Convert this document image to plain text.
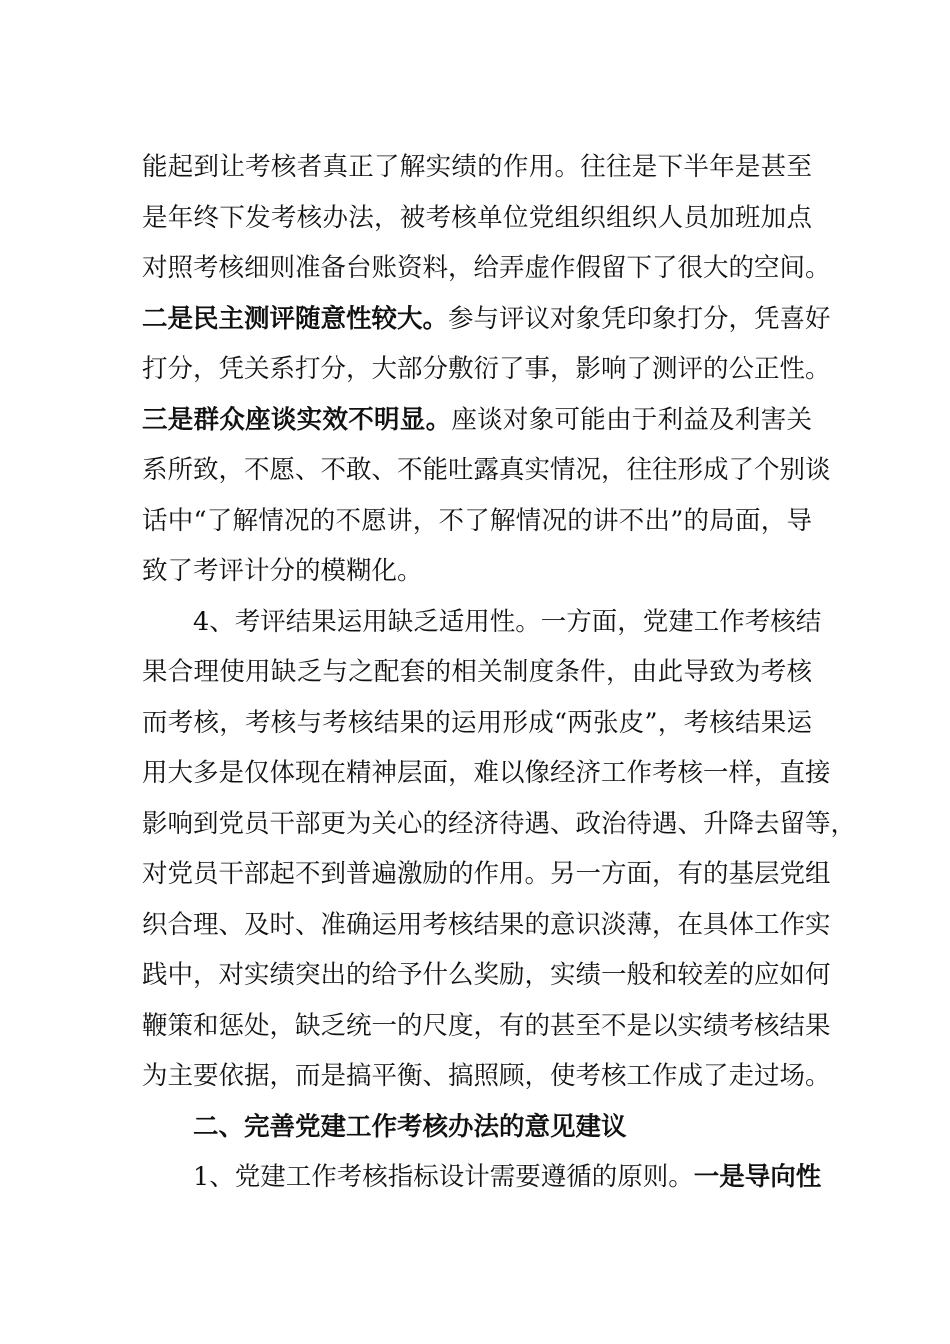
能起到让考核者真正了解实绩的作用。往往是下半年是甚至
是年终下发考核办法，被考核单位党组织组织人员加班加点
对照考核细则准备台账资料，给弄虚作假留下了很大的空间。
二是民主测评随意性较大。参与评议对象凭印象打分，凭喜好
打分，凭关系打分，大部分敷衍了事，影响了测评的公正性。
三是群众座谈实效不明显。座谈对象可能由于利益及利害关
系所致，不愿、不敢、不能吐露真实情况，往往形成了个别谈
话中“了解情况的不愿讲，不了解情况的讲不出”的局面，导
致了考评计分的模糊化。
4、考评结果运用缺乏适用性。一方面，党建工作考核结
果合理使用缺乏与之配套的相关制度条件，由此导致为考核
而考核，考核与考核结果的运用形成“两张皮”，考核结果运
用大多是仅体现在精神层面，难以像经济工作考核一样，直接
影响到党员干部更为关心的经济待遇、政治待遇、升降去留等，
对党员干部起不到普遍激励的作用。另一方面，有的基层党组
织合理、及时、准确运用考核结果的意识淡薄，在具体工作实
践中，对实绩突出的给予什么奖励，实绩一般和较差的应如何
鞭策和惩处，缺乏统一的尺度，有的甚至不是以实绩考核结果
为主要依据，而是搞平衡、搞照顾，使考核工作成了走过场。
二、完善党建工作考核办法的意见建议
1、党建工作考核指标设计需要遵循的原则。一是导向性
